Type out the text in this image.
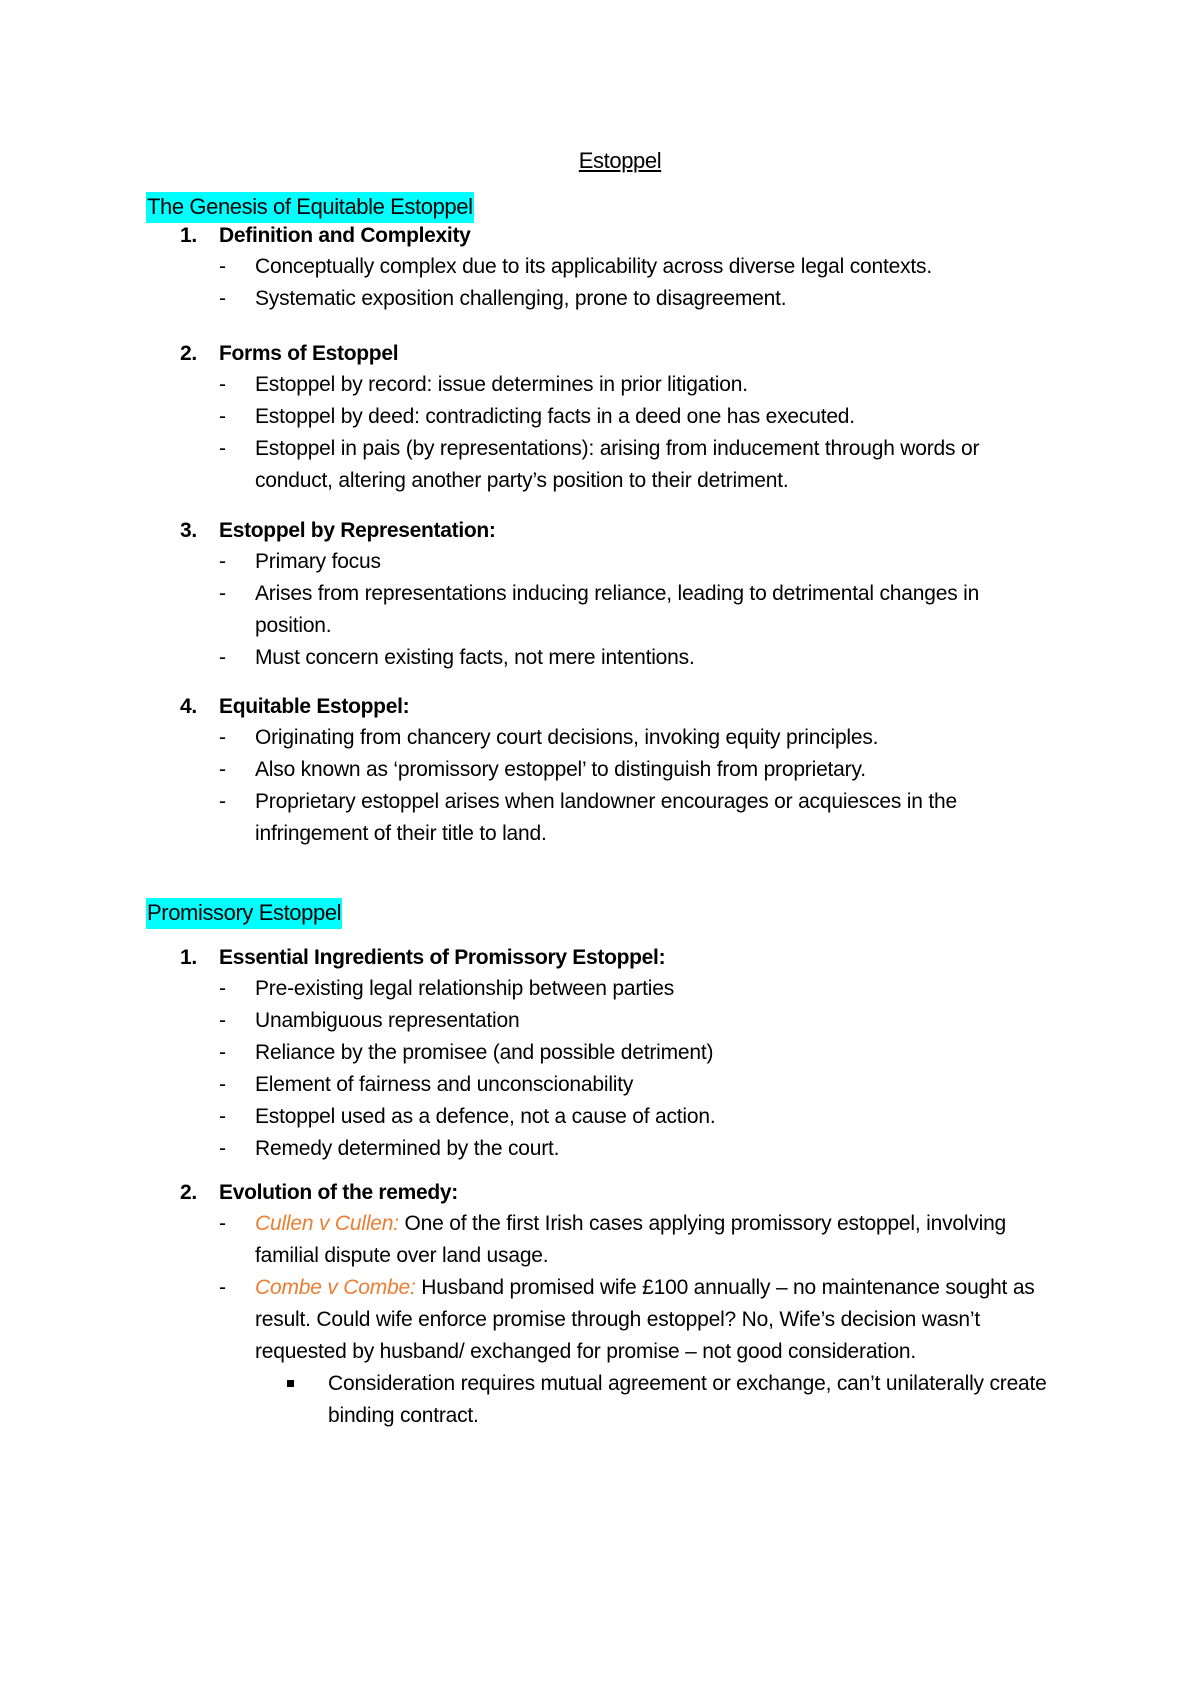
Estoppel
The Genesis of Equitable Estoppel
1. Definition and Complexity
- Conceptually complex due to its applicability across diverse legal contexts.
- Systematic exposition challenging, prone to disagreement.
2. Forms of Estoppel
- Estoppel by record: issue determines in prior litigation.
- Estoppel by deed: contradicting facts in a deed one has executed.
- Estoppel in pais (by representations): arising from inducement through words or conduct, altering another party’s position to their detriment.
3. Estoppel by Representation:
- Primary focus
- Arises from representations inducing reliance, leading to detrimental changes in position.
- Must concern existing facts, not mere intentions.
4. Equitable Estoppel:
- Originating from chancery court decisions, invoking equity principles.
- Also known as ‘promissory estoppel’ to distinguish from proprietary.
- Proprietary estoppel arises when landowner encourages or acquiesces in the infringement of their title to land.
Promissory Estoppel
1. Essential Ingredients of Promissory Estoppel:
- Pre-existing legal relationship between parties
- Unambiguous representation
- Reliance by the promisee (and possible detriment)
- Element of fairness and unconscionability
- Estoppel used as a defence, not a cause of action.
- Remedy determined by the court.
2. Evolution of the remedy:
- Cullen v Cullen: One of the first Irish cases applying promissory estoppel, involving familial dispute over land usage.
- Combe v Combe: Husband promised wife £100 annually – no maintenance sought as result. Could wife enforce promise through estoppel? No, Wife’s decision wasn’t requested by husband/ exchanged for promise – not good consideration.
Consideration requires mutual agreement or exchange, can’t unilaterally create binding contract.
